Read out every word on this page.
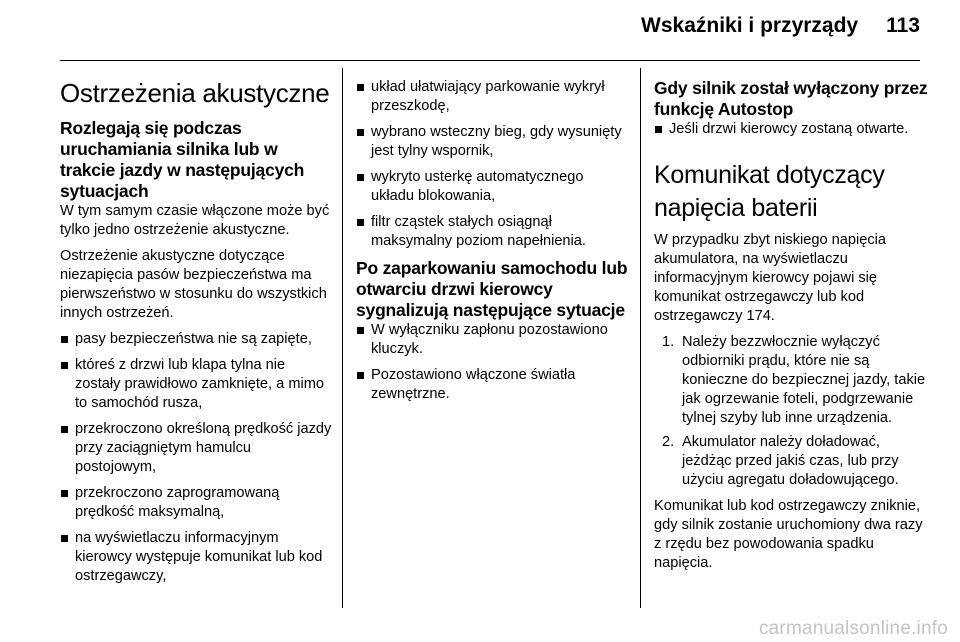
Wskaźniki i przyrządy 113
Ostrzeżenia akustyczne
Rozlegają się podczas uruchamiania silnika lub w trakcie jazdy w następujących sytuacjach

W tym samym czasie włączone może być tylko jedno ostrzeżenie akustyczne.

Ostrzeżenie akustyczne dotyczące niezapięcia pasów bezpieczeństwa ma pierwszeństwo w stosunku do wszystkich innych ostrzeżeń.

pasy bezpieczeństwa nie są zapięte,
któreś z drzwi lub klapa tylna nie zostały prawidłowo zamknięte, a mimo to samochód rusza,
przekroczono określoną prędkość jazdy przy zaciągniętym hamulcu postojowym,
przekroczono zaprogramowaną prędkość maksymalną,
na wyświetlaczu informacyjnym kierowcy występuje komunikat lub kod ostrzegawczy,
układ ułatwiający parkowanie wykrył przeszkodę,
wybrano wsteczny bieg, gdy wysunięty jest tylny wspornik,
wykryto usterkę automatycznego układu blokowania,
filtr cząstek stałych osiągnął maksymalny poziom napełnienia.
Po zaparkowaniu samochodu lub otwarciu drzwi kierowcy sygnalizują następujące sytuacje
W wyłączniku zapłonu pozostawiono kluczyk.
Pozostawiono włączone światła zewnętrzne.
Gdy silnik został wyłączony przez funkcję Autostop
Jeśli drzwi kierowcy zostaną otwarte.
Komunikat dotyczący napięcia baterii

W przypadku zbyt niskiego napięcia akumulatora, na wyświetlaczu informacyjnym kierowcy pojawi się komunikat ostrzegawczy lub kod ostrzegawczy 174.

1. Należy bezzwłocznie wyłączyć odbiorniki prądu, które nie są konieczne do bezpiecznej jazdy, takie jak ogrzewanie foteli, podgrzewanie tylnej szyby lub inne urządzenia.
2. Akumulator należy doładować, jeżdżąc przed jakiś czas, lub przy użyciu agregatu doładowującego.

Komunikat lub kod ostrzegawczy zniknie, gdy silnik zostanie uruchomiony dwa razy z rzędu bez powodowania spadku napięcia.

carmanualsonline.info
